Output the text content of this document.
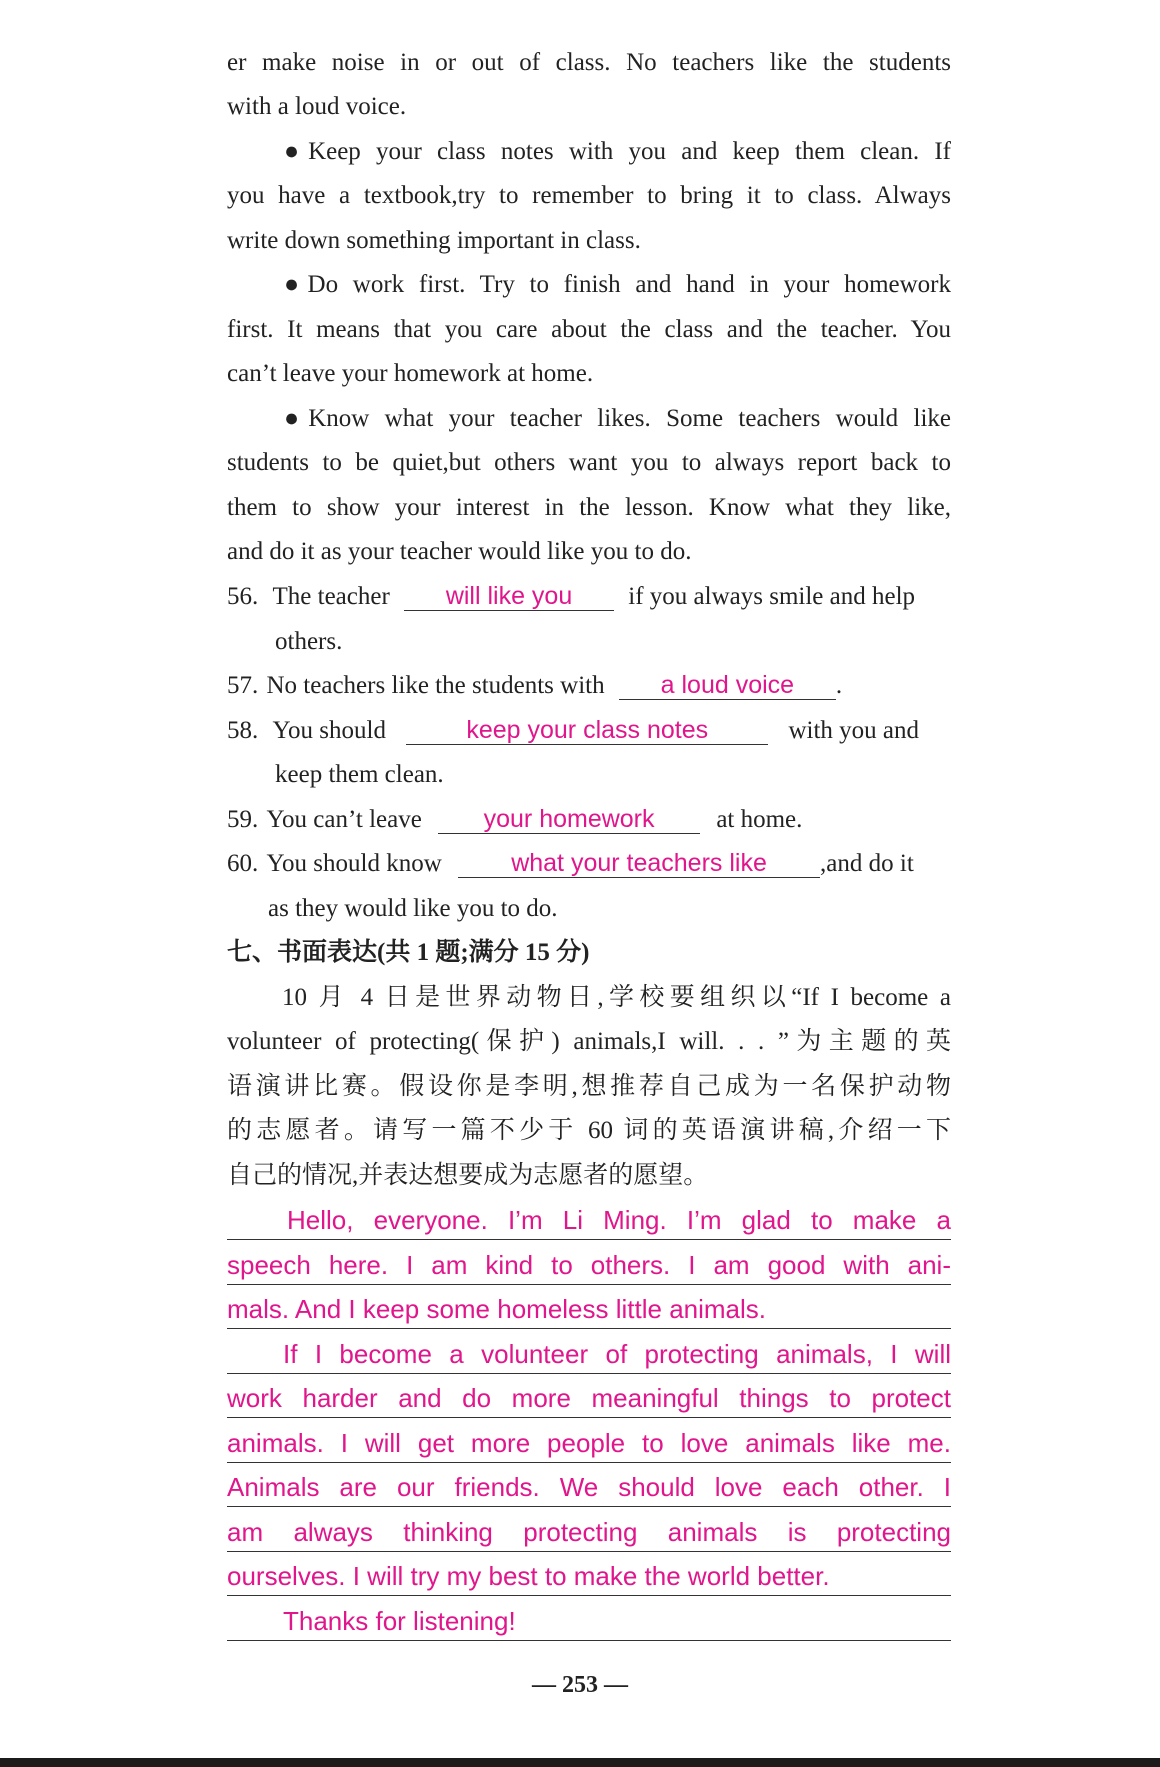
er make noise in or out of class. No teachers like the students
with a loud voice.
●Keep your class notes with you and keep them clean. If
you have a textbook,try to remember to bring it to class. Always
write down something important in class.
●Do work first. Try to finish and hand in your homework
first. It means that you care about the class and the teacher. You
can’t leave your homework at home.
●Know what your teacher likes. Some teachers would like
students to be quiet,but others want you to always report back to
them to show your interest in the lesson. Know what they like,
and do it as your teacher would like you to do.
56. The teacher will like you if you always smile and help
others.
57. No teachers like the students with a loud voice .
58. You should	keep your class notes	with you and
keep them clean.
59. You can’t leave your homework at home.
60. You should know	what your teachers like ,and do it
as they would like you to do.
七、书面表达(共 1 题;满分 15 分)
10 月 4 日是世界动物日,学校要组织以“If I become a
volunteer of protecting(保护) animals,I will. . . ”为主题的英
语演讲比赛。假设你是李明,想推荐自己成为一名保护动物
的志愿者。请写一篇不少于 60 词的英语演讲稿,介绍一下
自己的情况,并表达想要成为志愿者的愿望。
Hello, everyone. I’m Li Ming. I’m glad to make a
speech here. I am kind to others. I am good with ani-
mals. And I keep some homeless little animals.
If I become a volunteer of protecting animals, I will
work harder and do more meaningful things to protect
animals. I will get more people to love animals like me.
Animals are our friends. We should love each other. I
am always thinking protecting animals is protecting
ourselves. I will try my best to make the world better.
Thanks for listening!
— 253 —
